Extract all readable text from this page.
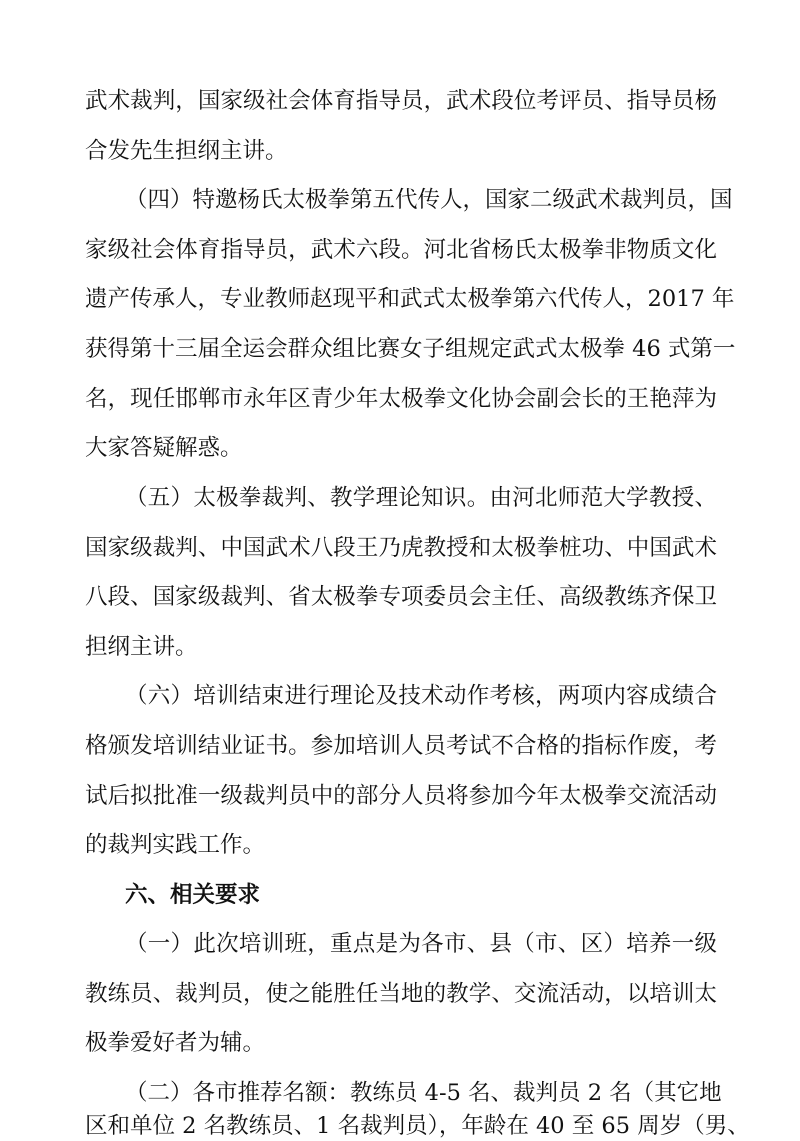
武术裁判，国家级社会体育指导员，武术段位考评员、指导员杨
合发先生担纲主讲。
（四）特邀杨氏太极拳第五代传人，国家二级武术裁判员，国
家级社会体育指导员，武术六段。河北省杨氏太极拳非物质文化
遗产传承人，专业教师赵现平和武式太极拳第六代传人，2017 年
获得第十三届全运会群众组比赛女子组规定武式太极拳 46 式第一
名，现任邯郸市永年区青少年太极拳文化协会副会长的王艳萍为
大家答疑解惑。
（五）太极拳裁判、教学理论知识。由河北师范大学教授、
国家级裁判、中国武术八段王乃虎教授和太极拳桩功、中国武术
八段、国家级裁判、省太极拳专项委员会主任、高级教练齐保卫
担纲主讲。
（六）培训结束进行理论及技术动作考核，两项内容成绩合
格颁发培训结业证书。参加培训人员考试不合格的指标作废，考
试后拟批准一级裁判员中的部分人员将参加今年太极拳交流活动
的裁判实践工作。
六、相关要求
（一）此次培训班，重点是为各市、县（市、区）培养一级
教练员、裁判员，使之能胜任当地的教学、交流活动，以培训太
极拳爱好者为辅。
（二）各市推荐名额：教练员 4-5 名、裁判员 2 名（其它地
区和单位 2 名教练员、1 名裁判员），年龄在 40 至 65 周岁（男、
